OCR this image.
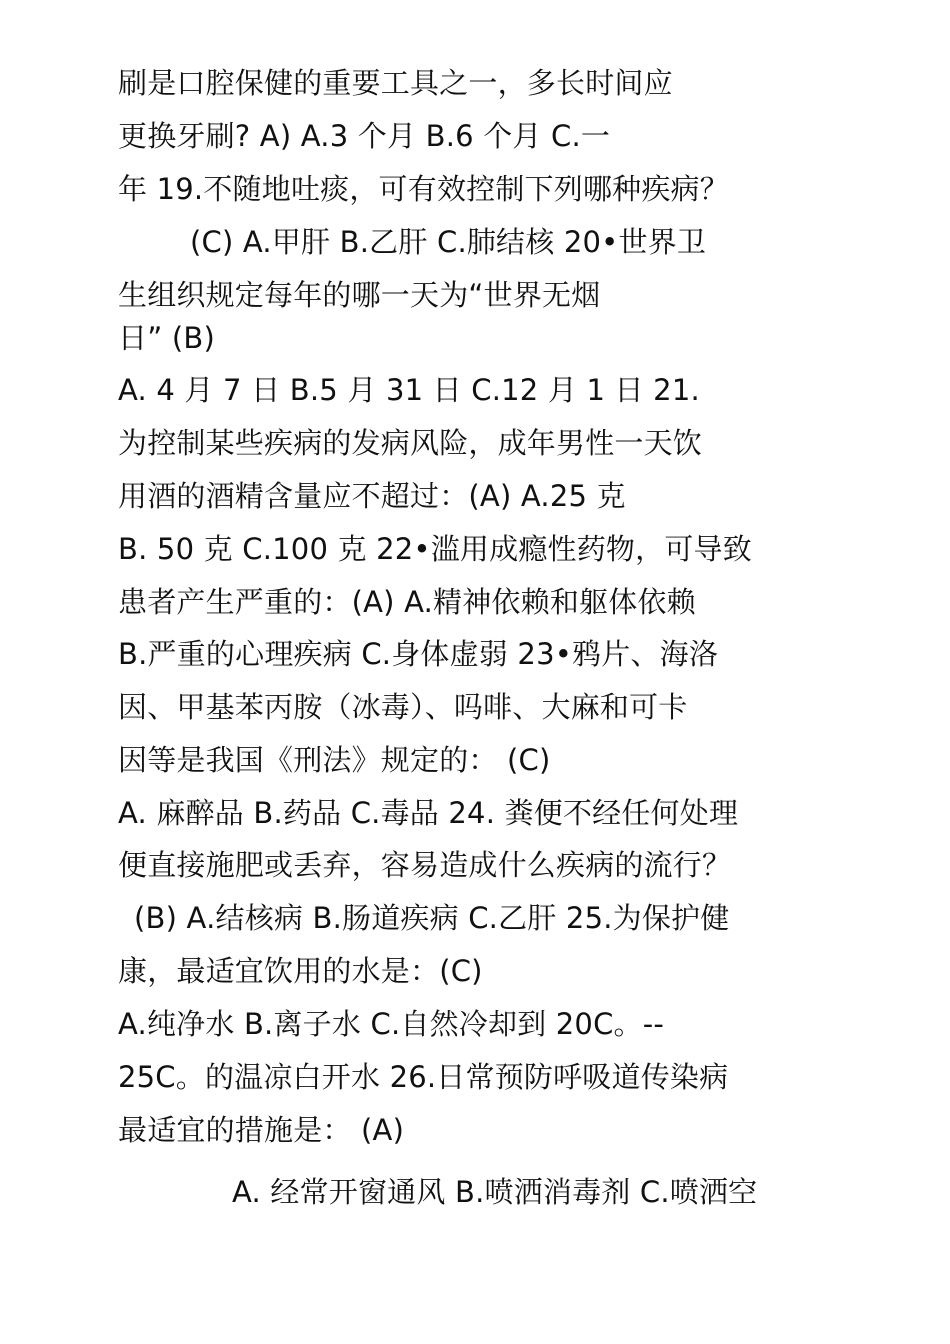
刷是口腔保健的重要工具之一，多长时间应
更换牙刷? A) A.3 个月 B.6 个月 C.一
年 19.不随地吐痰，可有效控制下列哪种疾病？
(C) A.甲肝 B.乙肝 C.肺结核 20•世界卫
生组织规定每年的哪一天为“世界无烟
日” (B)
A. 4 月 7 日 B.5 月 31 日 C.12 月 1 日 21.
为控制某些疾病的发病风险，成年男性一天饮
用酒的酒精含量应不超过：(A) A.25 克
B. 50 克 C.100 克 22•滥用成瘾性药物，可导致
患者产生严重的：(A) A.精神依赖和躯体依赖
B.严重的心理疾病 C.身体虚弱 23•鸦片、海洛
因、甲基苯丙胺（冰毒）、吗啡、大麻和可卡
因等是我国《刑法》规定的： (C)
A. 麻醉品 B.药品 C.毒品 24. 粪便不经任何处理
便直接施肥或丢弃，容易造成什么疾病的流行？
(B) A.结核病 B.肠道疾病 C.乙肝 25.为保护健
康，最适宜饮用的水是：(C)
A.纯净水 B.离子水 C.自然冷却到 20C。--
25C。的温凉白开水 26.日常预防呼吸道传染病
最适宜的措施是： (A)
A. 经常开窗通风 B.喷洒消毒剂 C.喷洒空
